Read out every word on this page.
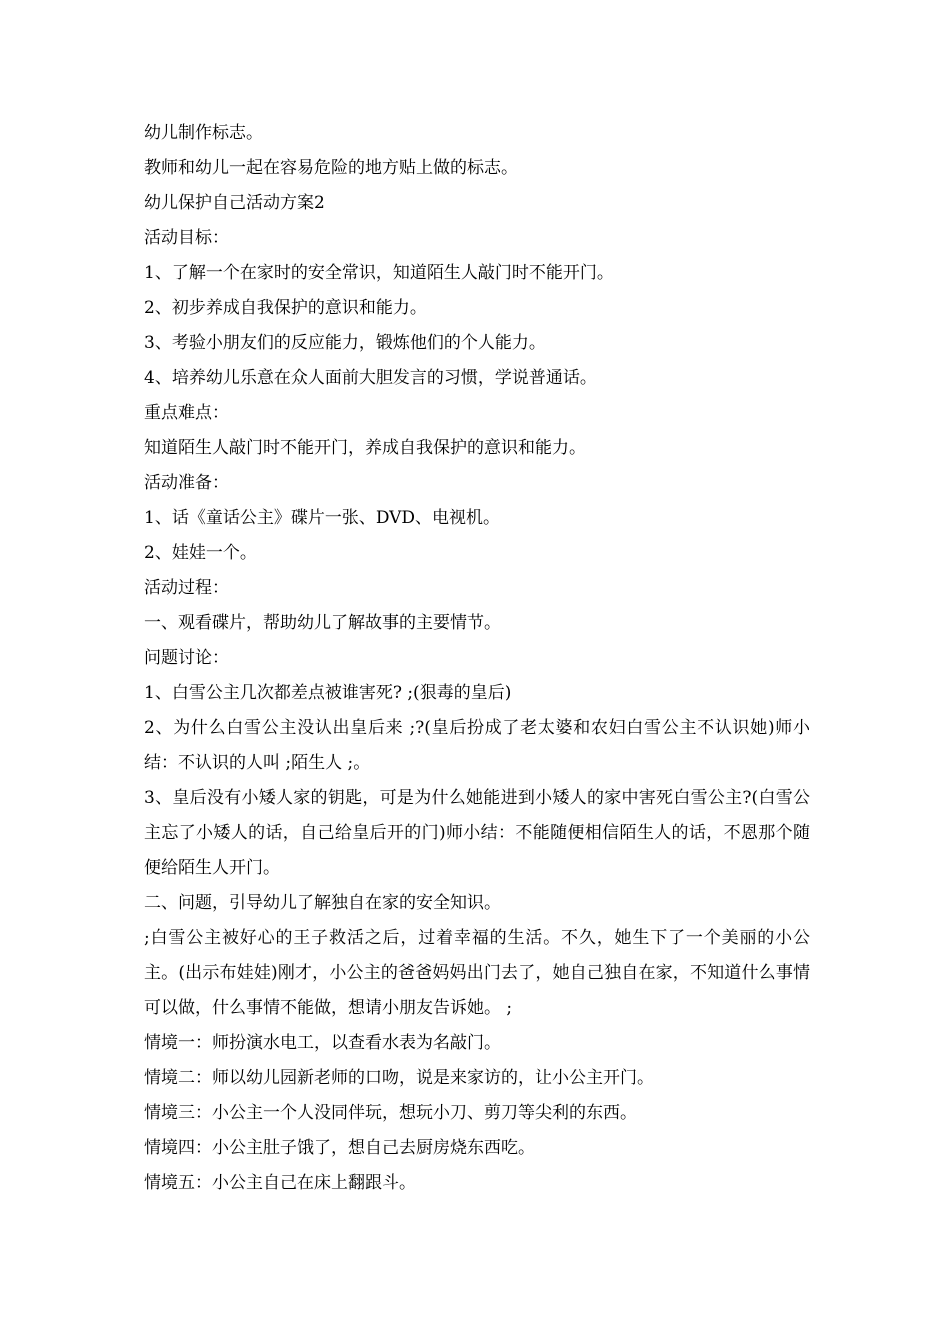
幼儿制作标志。

教师和幼儿一起在容易危险的地方贴上做的标志。

幼儿保护自己活动方案2

活动目标：

1、了解一个在家时的安全常识，知道陌生人敲门时不能开门。

2、初步养成自我保护的意识和能力。

3、考验小朋友们的反应能力，锻炼他们的个人能力。

4、培养幼儿乐意在众人面前大胆发言的习惯，学说普通话。

重点难点：

知道陌生人敲门时不能开门，养成自我保护的意识和能力。

活动准备：

1、话《童话公主》碟片一张、DVD、电视机。

2、娃娃一个。

活动过程：

一、观看碟片，帮助幼儿了解故事的主要情节。

问题讨论：

1、白雪公主几次都差点被谁害死? ;(狠毒的皇后)

2、为什么白雪公主没认出皇后来 ;?(皇后扮成了老太婆和农妇白雪公主不认识她)师小结：不认识的人叫 ;陌生人 ;。

3、皇后没有小矮人家的钥匙，可是为什么她能进到小矮人的家中害死白雪公主?(白雪公主忘了小矮人的话，自己给皇后开的门)师小结：不能随便相信陌生人的话，不恩那个随便给陌生人开门。

二、问题，引导幼儿了解独自在家的安全知识。

;白雪公主被好心的王子救活之后，过着幸福的生活。不久，她生下了一个美丽的小公主。(出示布娃娃)刚才，小公主的爸爸妈妈出门去了，她自己独自在家，不知道什么事情可以做，什么事情不能做，想请小朋友告诉她。 ;

情境一：师扮演水电工，以查看水表为名敲门。

情境二：师以幼儿园新老师的口吻，说是来家访的，让小公主开门。

情境三：小公主一个人没同伴玩，想玩小刀、剪刀等尖利的东西。

情境四：小公主肚子饿了，想自己去厨房烧东西吃。

情境五：小公主自己在床上翻跟斗。
